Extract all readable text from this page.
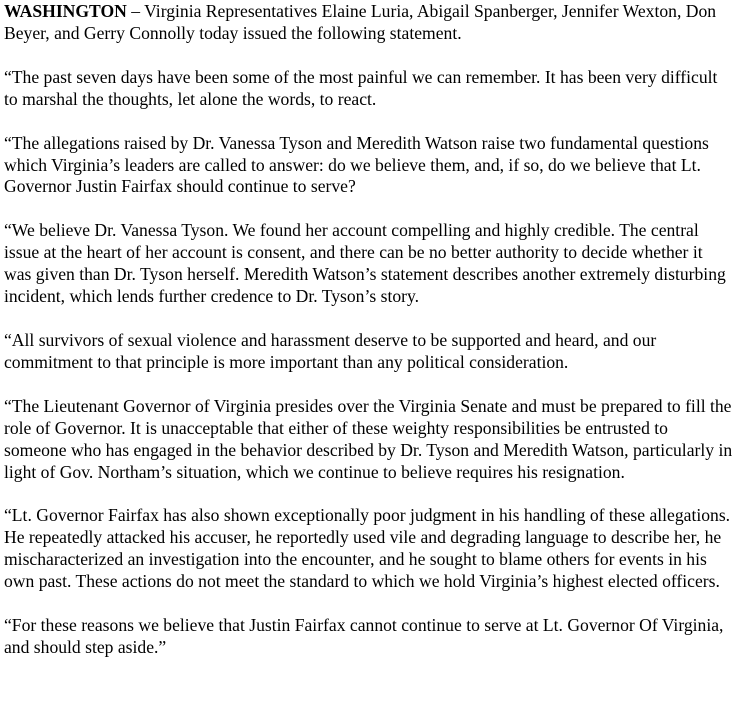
WASHINGTON – Virginia Representatives Elaine Luria, Abigail Spanberger, Jennifer Wexton, Don Beyer, and Gerry Connolly today issued the following statement.

“The past seven days have been some of the most painful we can remember. It has been very difficult to marshal the thoughts, let alone the words, to react.

“The allegations raised by Dr. Vanessa Tyson and Meredith Watson raise two fundamental questions which Virginia’s leaders are called to answer: do we believe them, and, if so, do we believe that Lt. Governor Justin Fairfax should continue to serve?

“We believe Dr. Vanessa Tyson. We found her account compelling and highly credible. The central issue at the heart of her account is consent, and there can be no better authority to decide whether it was given than Dr. Tyson herself. Meredith Watson’s statement describes another extremely disturbing incident, which lends further credence to Dr. Tyson’s story.

“All survivors of sexual violence and harassment deserve to be supported and heard, and our commitment to that principle is more important than any political consideration.

“The Lieutenant Governor of Virginia presides over the Virginia Senate and must be prepared to fill the role of Governor. It is unacceptable that either of these weighty responsibilities be entrusted to someone who has engaged in the behavior described by Dr. Tyson and Meredith Watson, particularly in light of Gov. Northam’s situation, which we continue to believe requires his resignation.

“Lt. Governor Fairfax has also shown exceptionally poor judgment in his handling of these allegations. He repeatedly attacked his accuser, he reportedly used vile and degrading language to describe her, he mischaracterized an investigation into the encounter, and he sought to blame others for events in his own past. These actions do not meet the standard to which we hold Virginia’s highest elected officers.

“For these reasons we believe that Justin Fairfax cannot continue to serve at Lt. Governor Of Virginia, and should step aside.”
